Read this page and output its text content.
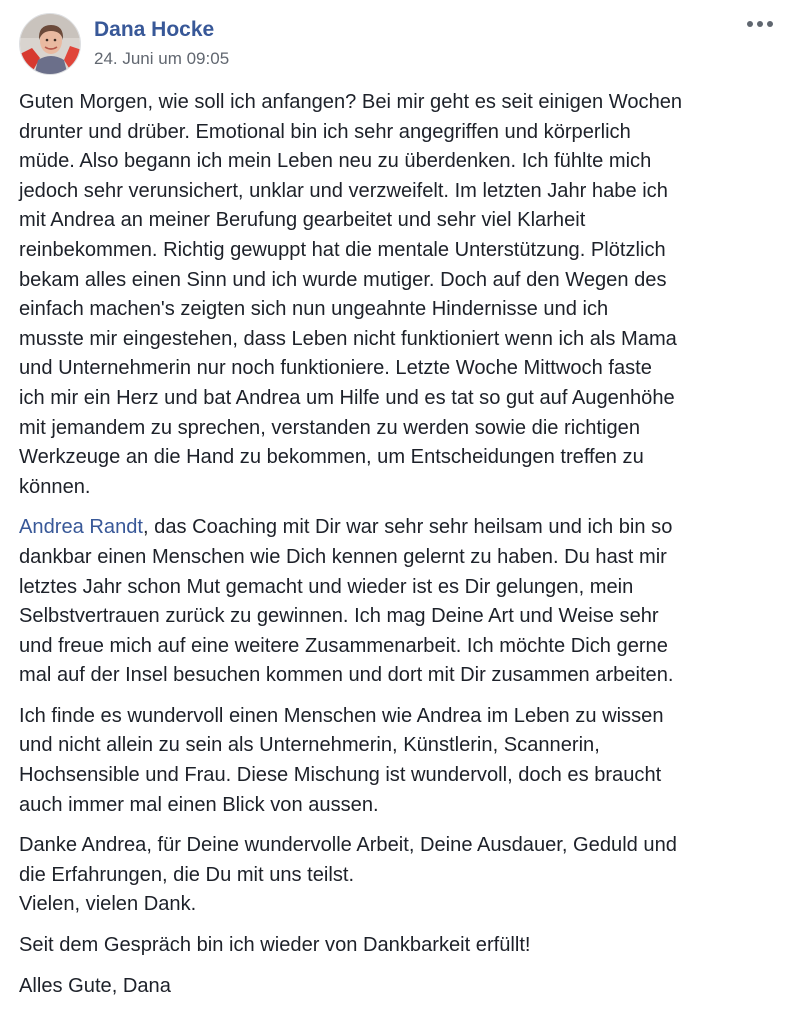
Dana Hocke
24. Juni um 09:05

Guten Morgen, wie soll ich anfangen? Bei mir geht es seit einigen Wochen
drunter und drüber. Emotional bin ich sehr angegriffen und körperlich
müde. Also begann ich mein Leben neu zu überdenken. Ich fühlte mich
jedoch sehr verunsichert, unklar und verzweifelt. Im letzten Jahr habe ich
mit Andrea an meiner Berufung gearbeitet und sehr viel Klarheit
reinbekommen. Richtig gewuppt hat die mentale Unterstützung. Plötzlich
bekam alles einen Sinn und ich wurde mutiger. Doch auf den Wegen des
einfach machen's zeigten sich nun ungeahnte Hindernisse und ich
musste mir eingestehen, dass Leben nicht funktioniert wenn ich als Mama
und Unternehmerin nur noch funktioniere. Letzte Woche Mittwoch faste
ich mir ein Herz und bat Andrea um Hilfe und es tat so gut auf Augenhöhe
mit jemandem zu sprechen, verstanden zu werden sowie die richtigen
Werkzeuge an die Hand zu bekommen, um Entscheidungen treffen zu
können.

Andrea Randt, das Coaching mit Dir war sehr sehr heilsam und ich bin so
dankbar einen Menschen wie Dich kennen gelernt zu haben. Du hast mir
letztes Jahr schon Mut gemacht und wieder ist es Dir gelungen, mein
Selbstvertrauen zurück zu gewinnen. Ich mag Deine Art und Weise sehr
und freue mich auf eine weitere Zusammenarbeit. Ich möchte Dich gerne
mal auf der Insel besuchen kommen und dort mit Dir zusammen arbeiten.

Ich finde es wundervoll einen Menschen wie Andrea im Leben zu wissen
und nicht allein zu sein als Unternehmerin, Künstlerin, Scannerin,
Hochsensible und Frau. Diese Mischung ist wundervoll, doch es braucht
auch immer mal einen Blick von aussen.

Danke Andrea, für Deine wundervolle Arbeit, Deine Ausdauer, Geduld und
die Erfahrungen, die Du mit uns teilst.
Vielen, vielen Dank.

Seit dem Gespräch bin ich wieder von Dankbarkeit erfüllt!

Alles Gute, Dana
